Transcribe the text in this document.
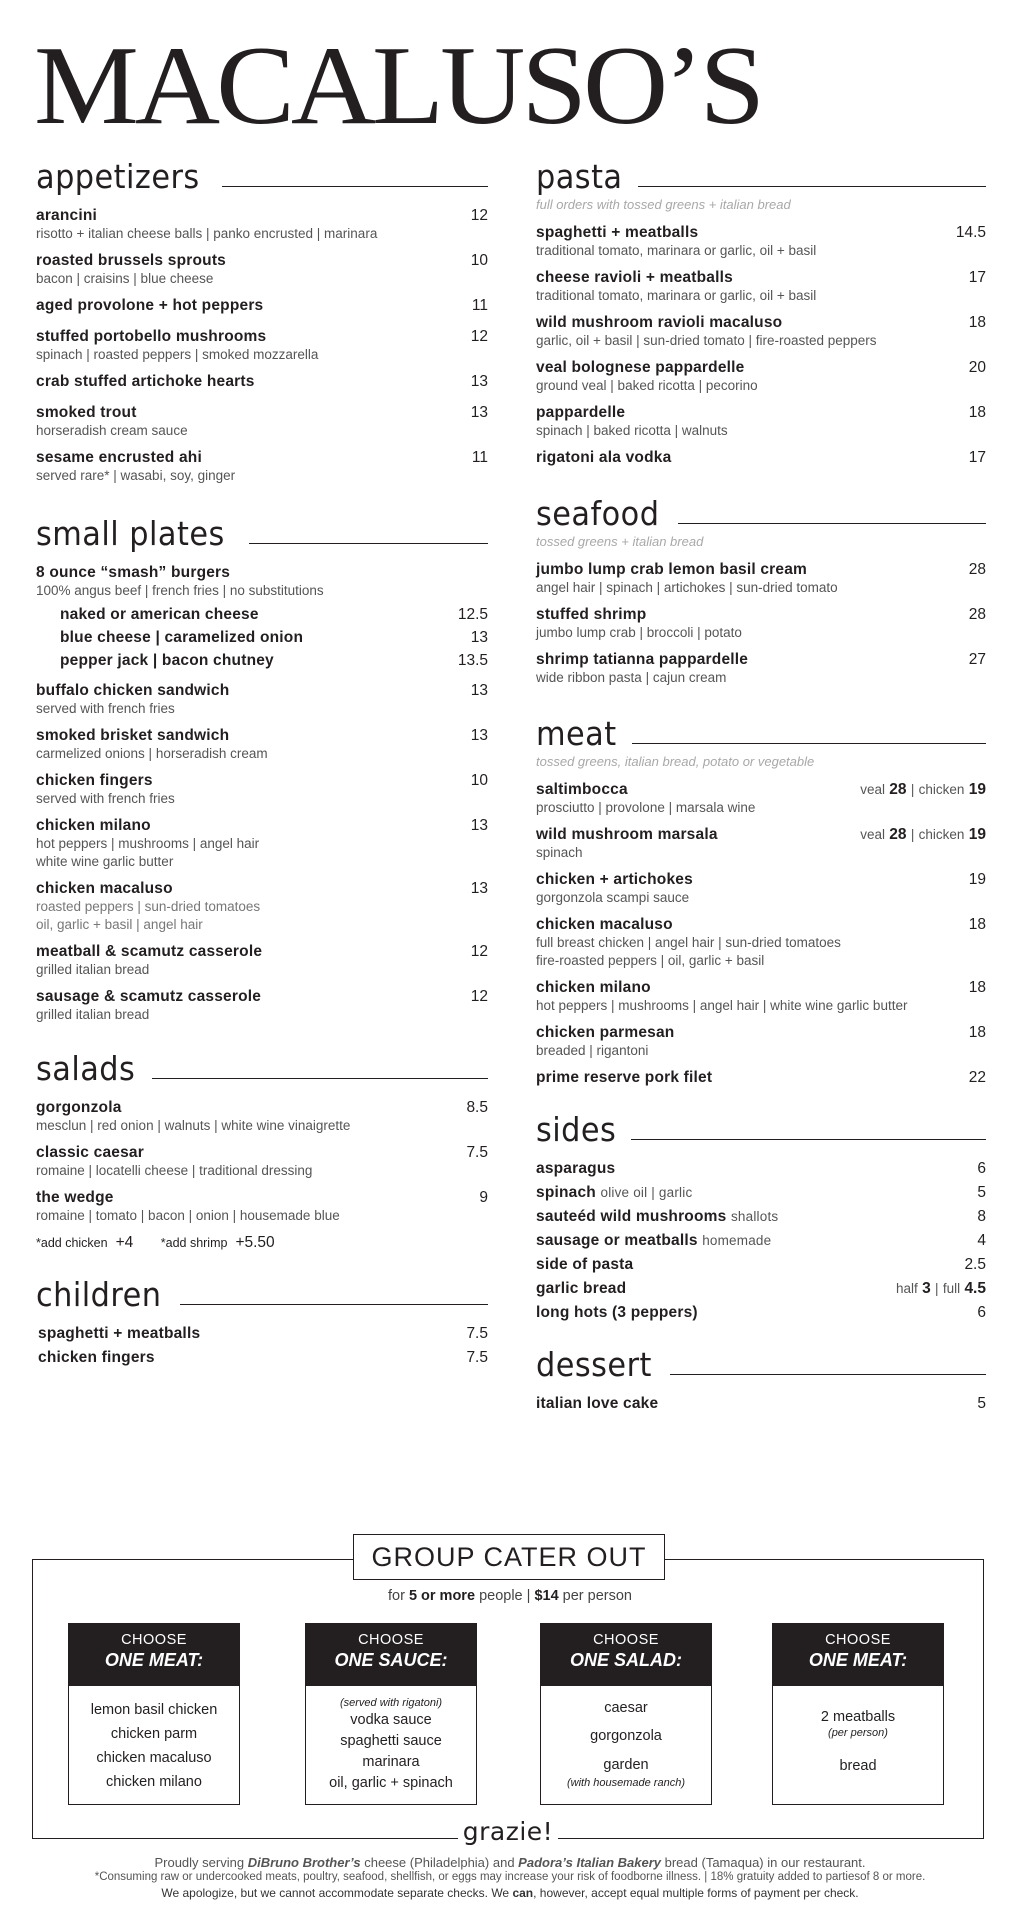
MACALUSO’S
appetizers
arancini	12
risotto + italian cheese balls | panko encrusted | marinara
roasted brussels sprouts	10
bacon | craisins | blue cheese
aged provolone + hot peppers	11
stuffed portobello mushrooms	12
spinach | roasted peppers | smoked mozzarella
crab stuffed artichoke hearts	13
smoked trout	13
horseradish cream sauce
sesame encrusted ahi	11
served rare* | wasabi, soy, ginger
small plates
8 ounce “smash” burgers
100% angus beef | french fries | no substitutions
naked or american cheese	12.5
blue cheese | caramelized onion	13
pepper jack | bacon chutney	13.5
buffalo chicken sandwich	13
served with french fries
smoked brisket sandwich	13
carmelized onions | horseradish cream
chicken fingers	10
served with french fries
chicken milano	13
hot peppers | mushrooms | angel hair
white wine garlic butter
chicken macaluso	13
roasted peppers | sun-dried tomatoes
oil, garlic + basil | angel hair
meatball & scamutz casserole	12
grilled italian bread
sausage & scamutz casserole	12
grilled italian bread
salads
gorgonzola	8.5
mesclun | red onion | walnuts | white wine vinaigrette
classic caesar	7.5
romaine | locatelli cheese | traditional dressing
the wedge	9
romaine | tomato | bacon | onion | housemade blue
*add chicken +4 *add shrimp +5.50
children
spaghetti + meatballs	7.5
chicken fingers	7.5
pasta
full orders with tossed greens + italian bread
spaghetti + meatballs	14.5
traditional tomato, marinara or garlic, oil + basil
cheese ravioli + meatballs	17
traditional tomato, marinara or garlic, oil + basil
wild mushroom ravioli macaluso	18
garlic, oil + basil | sun-dried tomato | fire-roasted peppers
veal bolognese pappardelle	20
ground veal | baked ricotta | pecorino
pappardelle	18
spinach | baked ricotta | walnuts
rigatoni ala vodka	17
seafood
tossed greens + italian bread
jumbo lump crab lemon basil cream	28
angel hair | spinach | artichokes | sun-dried tomato
stuffed shrimp	28
jumbo lump crab | broccoli | potato
shrimp tatianna pappardelle	27
wide ribbon pasta | cajun cream
meat
tossed greens, italian bread, potato or vegetable
saltimbocca	veal 28 | chicken 19
prosciutto | provolone | marsala wine
wild mushroom marsala	veal 28 | chicken 19
spinach
chicken + artichokes	19
gorgonzola scampi sauce
chicken macaluso	18
full breast chicken | angel hair | sun-dried tomatoes
fire-roasted peppers | oil, garlic + basil
chicken milano	18
hot peppers | mushrooms | angel hair | white wine garlic butter
chicken parmesan	18
breaded | rigantoni
prime reserve pork filet	22
sides
asparagus	6
spinach olive oil | garlic	5
sauteéd wild mushrooms shallots	8
sausage or meatballs homemade	4
side of pasta	2.5
garlic bread	half 3 | full 4.5
long hots (3 peppers)	6
dessert
italian love cake	5
GROUP CATER OUT
for 5 or more people | $14 per person
CHOOSE
ONE MEAT:
lemon basil chicken
chicken parm
chicken macaluso
chicken milano
CHOOSE
ONE SAUCE:
(served with rigatoni)
vodka sauce
spaghetti sauce
marinara
oil, garlic + spinach
CHOOSE
ONE SALAD:
caesar
gorgonzola
garden
(with housemade ranch)
CHOOSE
ONE MEAT:
2 meatballs
(per person)
bread
grazie!
Proudly serving DiBruno Brother’s cheese (Philadelphia) and Padora’s Italian Bakery bread (Tamaqua) in our restaurant.
*Consuming raw or undercooked meats, poultry, seafood, shellfish, or eggs may increase your risk of foodborne illness. | 18% gratuity added to partiesof 8 or more.
We apologize, but we cannot accommodate separate checks. We can, however, accept equal multiple forms of payment per check.
